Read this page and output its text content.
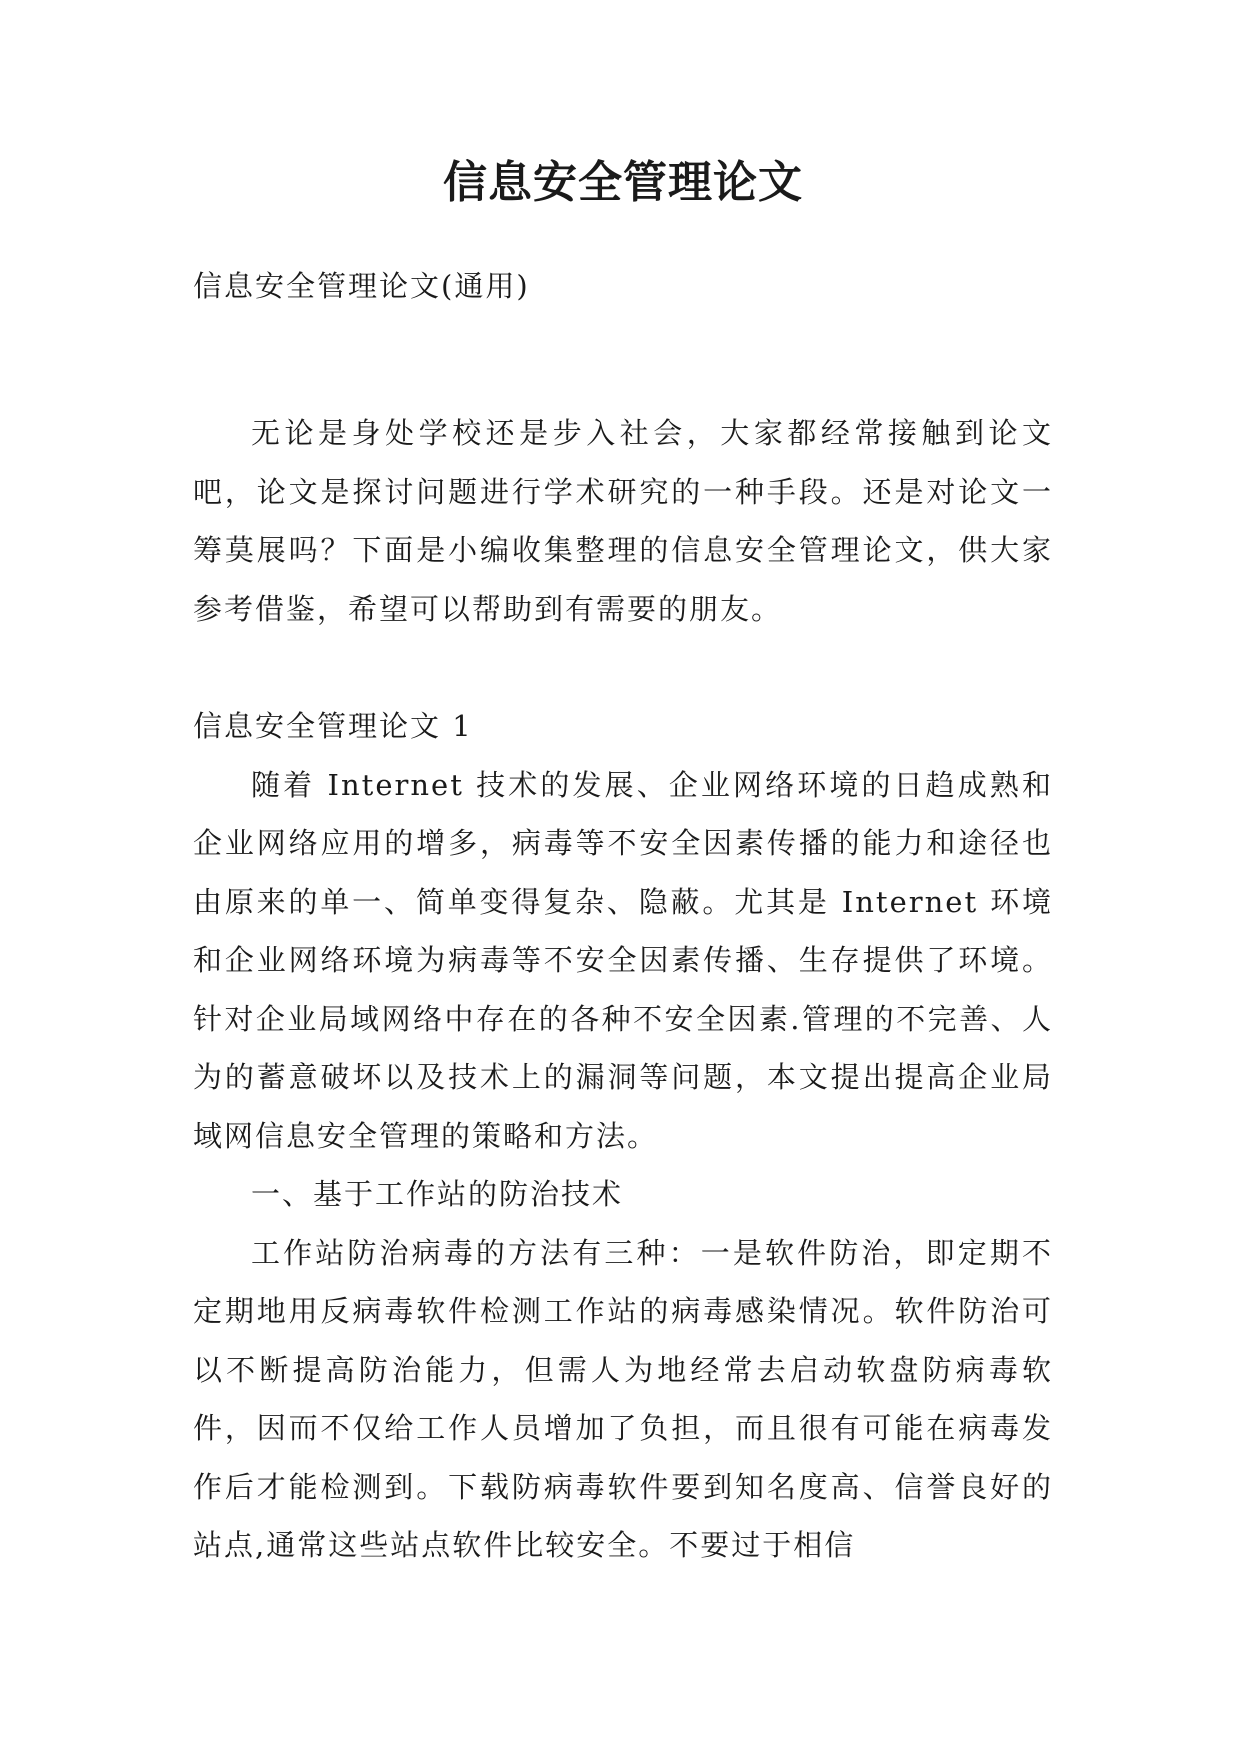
信息安全管理论文

信息安全管理论文(通用)

无论是身处学校还是步入社会，大家都经常接触到论文吧，论文是探讨问题进行学术研究的一种手段。还是对论文一筹莫展吗？下面是小编收集整理的信息安全管理论文，供大家参考借鉴，希望可以帮助到有需要的朋友。

信息安全管理论文 1

随着 Internet 技术的发展、企业网络环境的日趋成熟和企业网络应用的增多，病毒等不安全因素传播的能力和途径也由原来的单一、简单变得复杂、隐蔽。尤其是 Internet 环境和企业网络环境为病毒等不安全因素传播、生存提供了环境。针对企业局域网络中存在的各种不安全因素.管理的不完善、人为的蓄意破坏以及技术上的漏洞等问题，本文提出提高企业局域网信息安全管理的策略和方法。

一、基于工作站的防治技术

工作站防治病毒的方法有三种：一是软件防治，即定期不定期地用反病毒软件检测工作站的病毒感染情况。软件防治可以不断提高防治能力，但需人为地经常去启动软盘防病毒软件，因而不仅给工作人员增加了负担，而且很有可能在病毒发作后才能检测到。下载防病毒软件要到知名度高、信誉良好的站点,通常这些站点软件比较安全。不要过于相信
